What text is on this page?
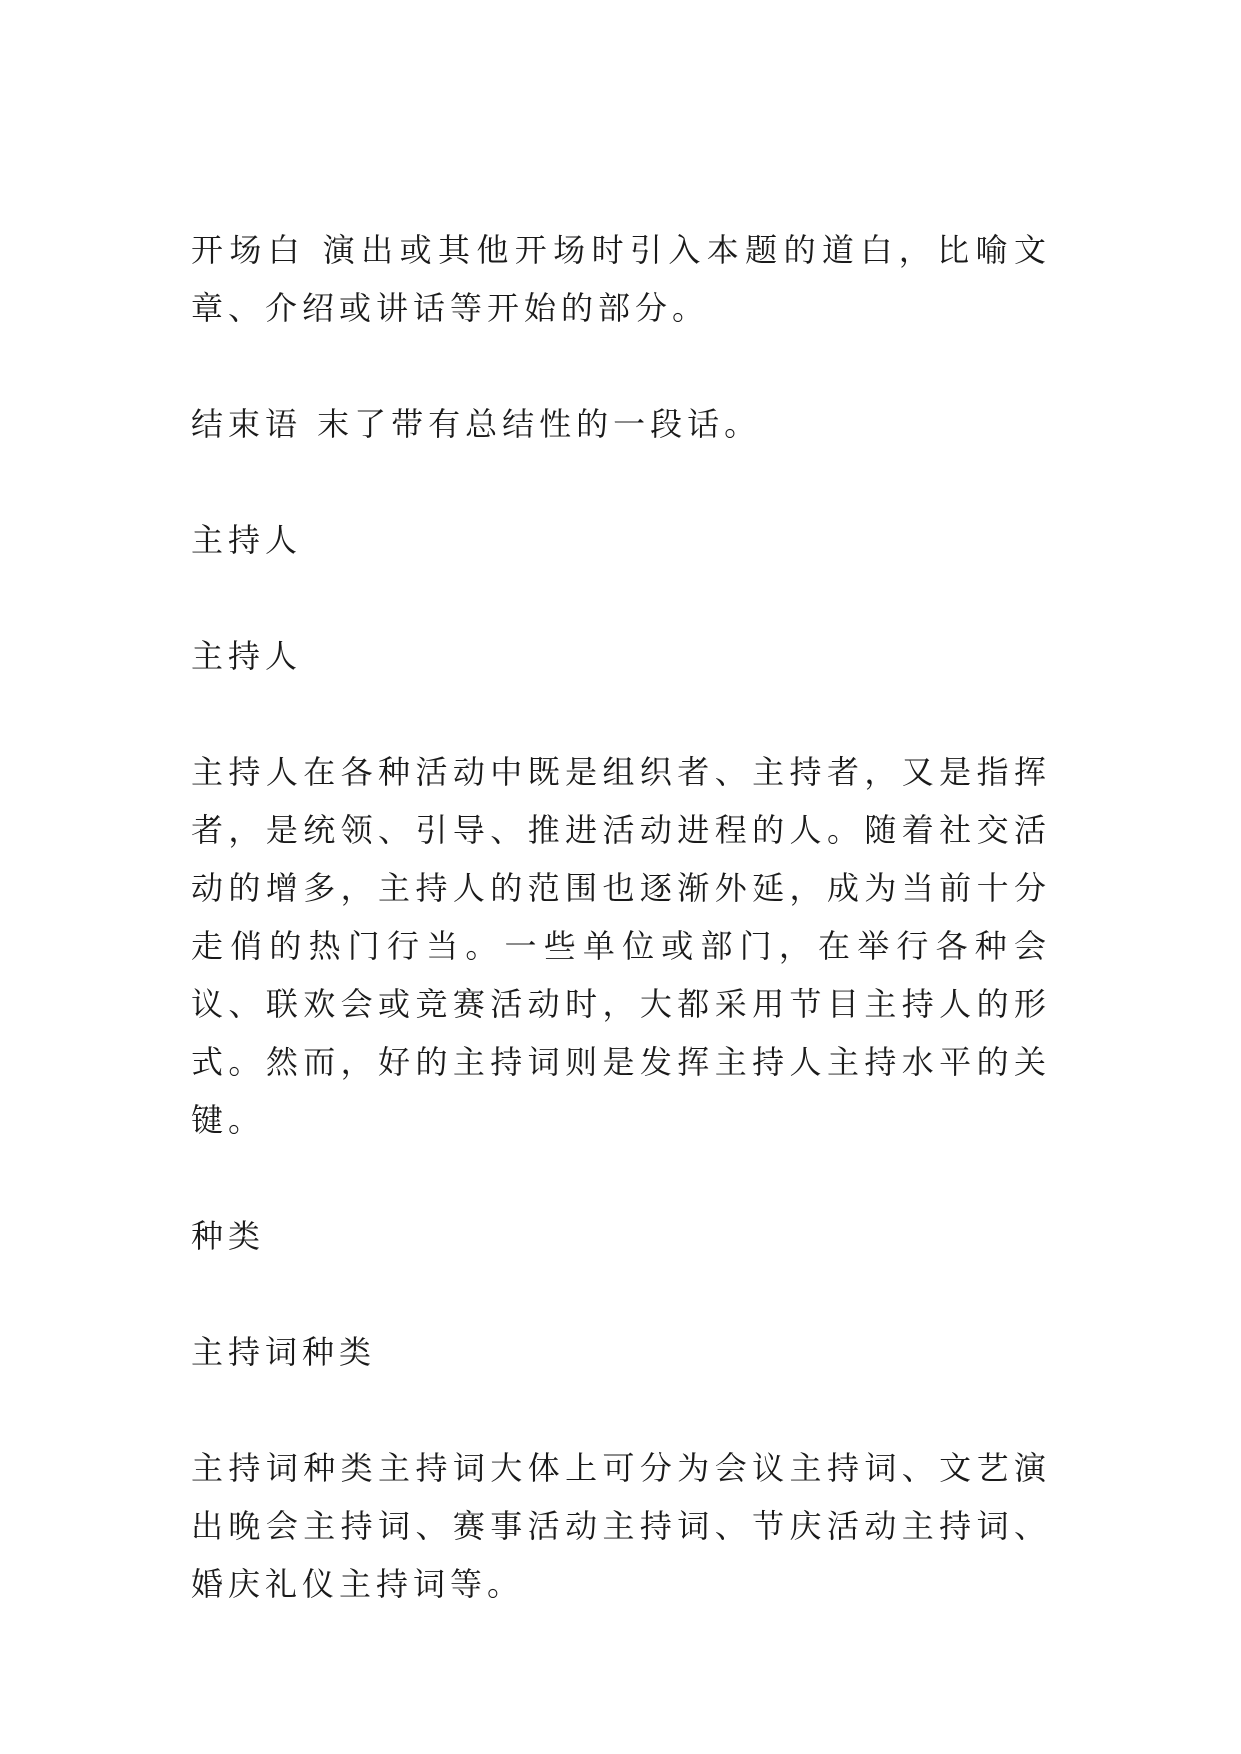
开场白 演出或其他开场时引入本题的道白，比喻文章、介绍或讲话等开始的部分。

结束语 末了带有总结性的一段话。

主持人

主持人

主持人在各种活动中既是组织者、主持者，又是指挥者，是统领、引导、推进活动进程的人。随着社交活动的增多，主持人的范围也逐渐外延，成为当前十分走俏的热门行当。一些单位或部门，在举行各种会议、联欢会或竞赛活动时，大都采用节目主持人的形式。然而，好的主持词则是发挥主持人主持水平的关键。

种类

主持词种类

主持词种类主持词大体上可分为会议主持词、文艺演出晚会主持词、赛事活动主持词、节庆活动主持词、婚庆礼仪主持词等。
